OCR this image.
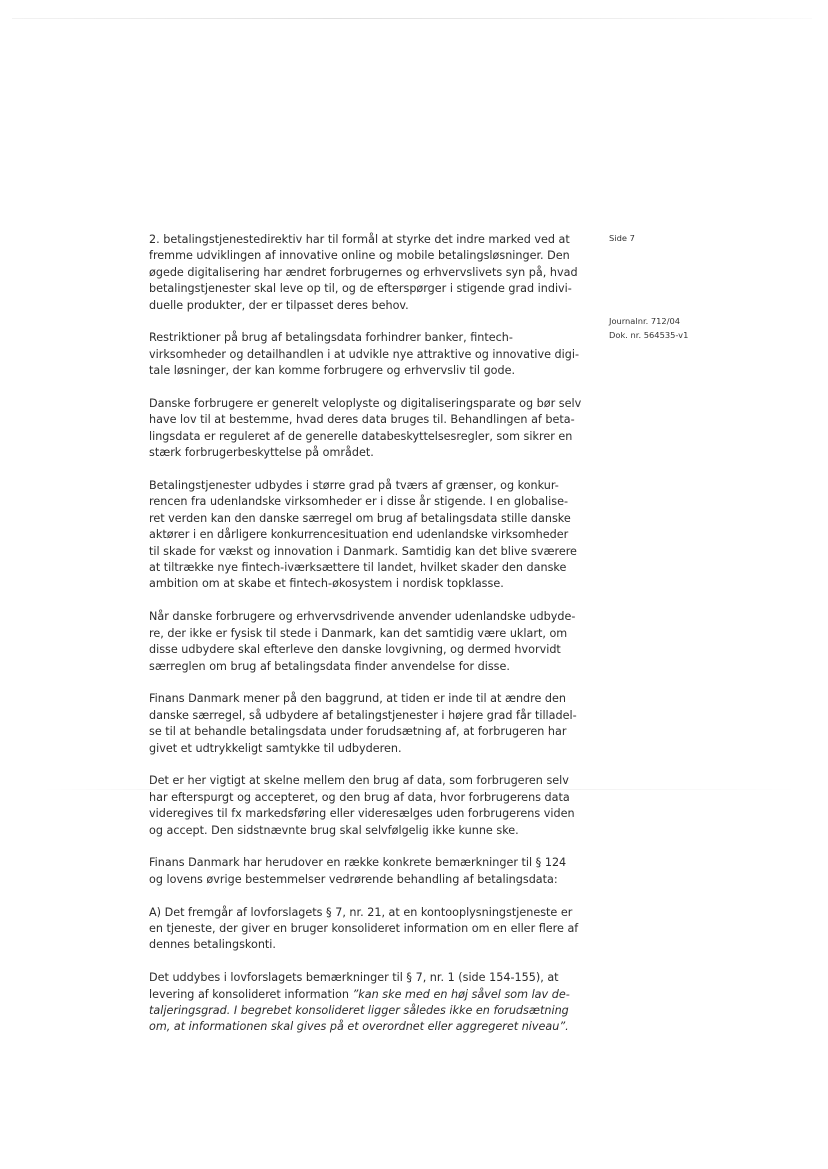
Side 7
Journalnr. 712/04
Dok. nr. 564535-v1
2. betalingstjenestedirektiv har til formål at styrke det indre marked ved at
fremme udviklingen af innovative online og mobile betalingsløsninger. Den
øgede digitalisering har ændret forbrugernes og erhvervslivets syn på, hvad
betalingstjenester skal leve op til, og de efterspørger i stigende grad indivi-
duelle produkter, der er tilpasset deres behov.
Restriktioner på brug af betalingsdata forhindrer banker, fintech-
virksomheder og detailhandlen i at udvikle nye attraktive og innovative digi-
tale løsninger, der kan komme forbrugere og erhvervsliv til gode.
Danske forbrugere er generelt veloplyste og digitaliseringsparate og bør selv
have lov til at bestemme, hvad deres data bruges til. Behandlingen af beta-
lingsdata er reguleret af de generelle databeskyttelsesregler, som sikrer en
stærk forbrugerbeskyttelse på området.
Betalingstjenester udbydes i større grad på tværs af grænser, og konkur-
rencen fra udenlandske virksomheder er i disse år stigende. I en globalise-
ret verden kan den danske særregel om brug af betalingsdata stille danske
aktører i en dårligere konkurrencesituation end udenlandske virksomheder
til skade for vækst og innovation i Danmark. Samtidig kan det blive sværere
at tiltrække nye fintech-iværksættere til landet, hvilket skader den danske
ambition om at skabe et fintech-økosystem i nordisk topklasse.
Når danske forbrugere og erhvervsdrivende anvender udenlandske udbyde-
re, der ikke er fysisk til stede i Danmark, kan det samtidig være uklart, om
disse udbydere skal efterleve den danske lovgivning, og dermed hvorvidt
særreglen om brug af betalingsdata finder anvendelse for disse.
Finans Danmark mener på den baggrund, at tiden er inde til at ændre den
danske særregel, så udbydere af betalingstjenester i højere grad får tilladel-
se til at behandle betalingsdata under forudsætning af, at forbrugeren har
givet et udtrykkeligt samtykke til udbyderen.
Det er her vigtigt at skelne mellem den brug af data, som forbrugeren selv
har efterspurgt og accepteret, og den brug af data, hvor forbrugerens data
videregives til fx markedsføring eller videresælges uden forbrugerens viden
og accept. Den sidstnævnte brug skal selvfølgelig ikke kunne ske.
Finans Danmark har herudover en række konkrete bemærkninger til § 124
og lovens øvrige bestemmelser vedrørende behandling af betalingsdata:
A) Det fremgår af lovforslagets § 7, nr. 21, at en kontooplysningstjeneste er
en tjeneste, der giver en bruger konsolideret information om en eller flere af
dennes betalingskonti.
Det uddybes i lovforslagets bemærkninger til § 7, nr. 1 (side 154-155), at
levering af konsolideret information ”kan ske med en høj såvel som lav de-
taljeringsgrad. I begrebet konsolideret ligger således ikke en forudsætning
om, at informationen skal gives på et overordnet eller aggregeret niveau”.
